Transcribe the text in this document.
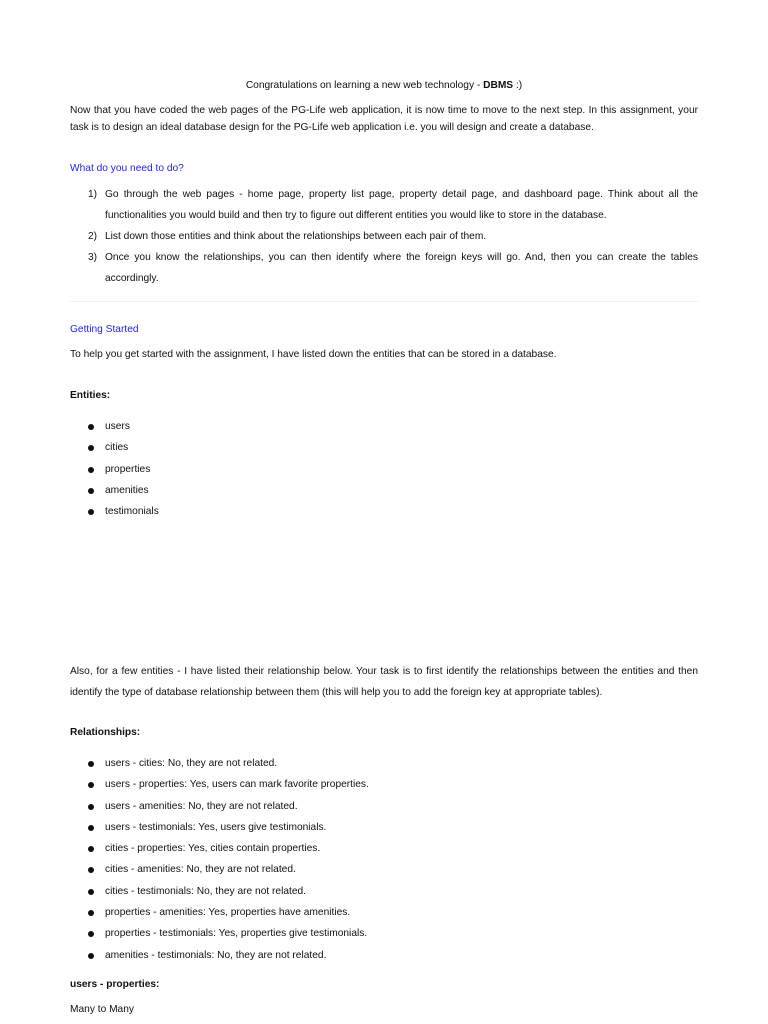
Congratulations on learning a new web technology - DBMS :)
Now that you have coded the web pages of the PG-Life web application, it is now time to move to the next step. In this assignment, your task is to design an ideal database design for the PG-Life web application i.e. you will design and create a database.
What do you need to do?
1) Go through the web pages - home page, property list page, property detail page, and dashboard page. Think about all the functionalities you would build and then try to figure out different entities you would like to store in the database.
2) List down those entities and think about the relationships between each pair of them.
3) Once you know the relationships, you can then identify where the foreign keys will go. And, then you can create the tables accordingly.
Getting Started
To help you get started with the assignment, I have listed down the entities that can be stored in a database.
Entities:
users
cities
properties
amenities
testimonials
Also, for a few entities - I have listed their relationship below. Your task is to first identify the relationships between the entities and then identify the type of database relationship between them (this will help you to add the foreign key at appropriate tables).
Relationships:
users - cities: No, they are not related.
users - properties: Yes, users can mark favorite properties.
users - amenities: No, they are not related.
users - testimonials: Yes, users give testimonials.
cities - properties: Yes, cities contain properties.
cities - amenities: No, they are not related.
cities - testimonials: No, they are not related.
properties - amenities: Yes, properties have amenities.
properties - testimonials: Yes, properties give testimonials.
amenities - testimonials: No, they are not related.
users - properties:
Many to Many
